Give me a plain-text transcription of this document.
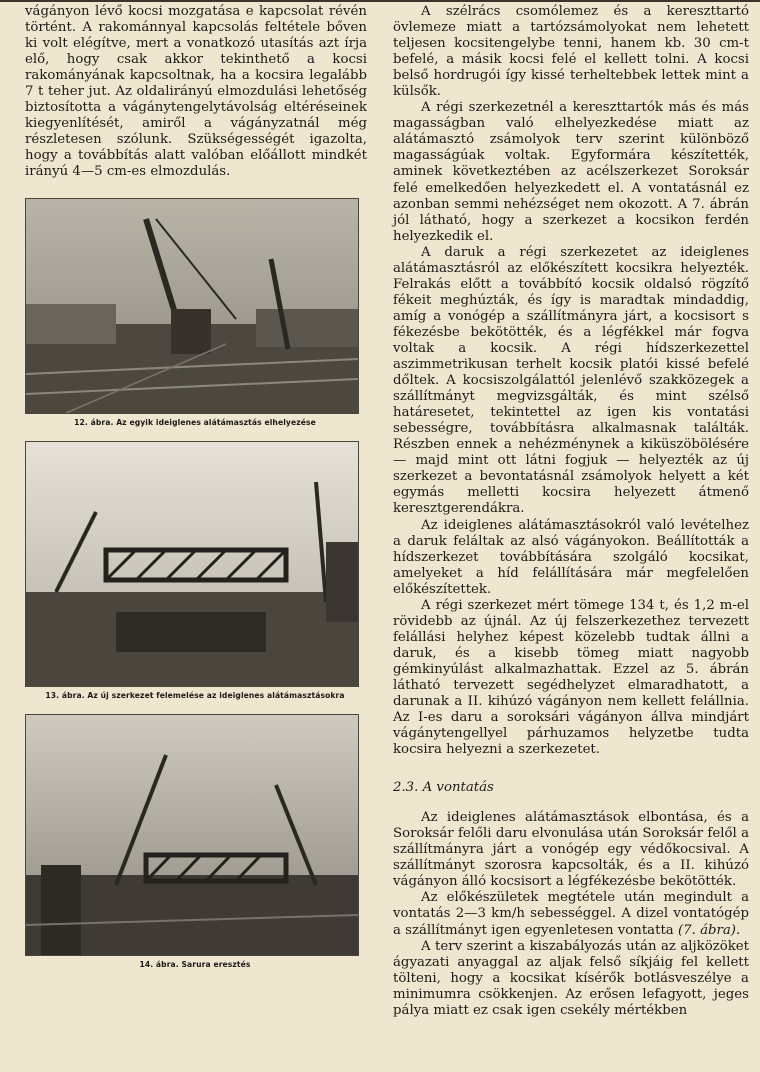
vágányon lévő kocsi mozgatása e kapcsolat révén történt. A rakománnyal kapcsolás feltétele bőven ki volt elégítve, mert a vonatkozó utasítás azt írja elő, hogy csak akkor tekinthető a kocsi rakományának kapcsoltnak, ha a kocsira legalább 7 t teher jut. Az oldalirányú elmozdulási lehetőség biztosította a vágánytengelytávolság eltéréseinek kiegyenlítését, amiről a vágányzatnál még részletesen szólunk. Szükségességét igazolta, hogy a továbbítás alatt valóban előállott mindkét irányú 4—5 cm-es elmozdulás.

12. ábra. Az egyik ideiglenes alátámasztás elhelyezése
13. ábra. Az új szerkezet felemelése az ideiglenes alátámasztásokra
14. ábra. Sarura eresztés

A szélrács csomólemez és a kereszttartó övlemeze miatt a tartózsámolyokat nem lehetett teljesen kocsitengelybe tenni, hanem kb. 30 cm-t befelé, a másik kocsi felé el kellett tolni. A kocsi belső hordrugói így kissé terheltebbek lettek mint a külsők.

A régi szerkezetnél a kereszttartók más és más magasságban való elhelyezkedése miatt az alátámasztó zsámolyok terv szerint különböző magasságúak voltak. Egyformára készítették, aminek következtében az acélszerkezet Soroksár felé emelkedően helyezkedett el. A vontatásnál ez azonban semmi nehézséget nem okozott. A 7. ábrán jól látható, hogy a szerkezet a kocsikon ferdén helyezkedik el.

A daruk a régi szerkezetet az ideiglenes alátámasztásról az előkészített kocsikra helyezték. Felrakás előtt a továbbító kocsik oldalsó rögzítő fékeit meghúzták, és így is maradtak mindaddig, amíg a vonógép a szállítmányra járt, a kocsisort s fékezésbe bekötötték, és a légfékkel már fogva voltak a kocsik. A régi hídszerkezettel aszimmetrikusan terhelt kocsik platói kissé befelé dőltek. A kocsiszolgálattól jelenlévő szakközegek a szállítmányt megvizsgálták, és mint szélső határesetet, tekintettel az igen kis vontatási sebességre, továbbításra alkalmasnak találták. Részben ennek a nehézménynek a kiküszöbölésére — majd mint ott látni fogjuk — helyezték az új szerkezet a bevontatásnál zsámolyok helyett a két egymás melletti kocsira helyezett átmenő keresztgerendákra.

Az ideiglenes alátámasztásokról való levételhez a daruk feláltak az alsó vágányokon. Beállították a hídszerkezet továbbítására szolgáló kocsikat, amelyeket a híd felállítására már megfelelően előkészítettek.

A régi szerkezet mért tömege 134 t, és 1,2 m-el rövidebb az újnál. Az új felszerkezethez tervezett felállási helyhez képest közelebb tudtak állni a daruk, és a kisebb tömeg miatt nagyobb gémkinyúlást alkalmazhattak. Ezzel az 5. ábrán látható tervezett segédhelyzet elmaradhatott, a darunak a II. kihúzó vágányon nem kellett felállnia. Az I-es daru a soroksári vágányon állva mindjárt vágánytengellyel párhuzamos helyzetbe tudta kocsira helyezni a szerkezetet.

2.3. A vontatás

Az ideiglenes alátámasztások elbontása, és a Soroksár felőli daru elvonulása után Soroksár felől a szállítmányra járt a vonógép egy védőkocsival. A szállítmányt szorosra kapcsolták, és a II. kihúzó vágányon álló kocsisort a légfékezésbe bekötötték.

Az előkészületek megtétele után megindult a vontatás 2—3 km/h sebességgel. A dizel vontatógép a szállítmányt igen egyenletesen vontatta (7. ábra).

A terv szerint a kiszabályozás után az aljközöket ágyazati anyaggal az aljak felső síkjáig fel kellett tölteni, hogy a kocsikat kísérők botlásveszélye a minimumra csökkenjen. Az erősen lefagyott, jeges pálya miatt ez csak igen csekély mértékben
